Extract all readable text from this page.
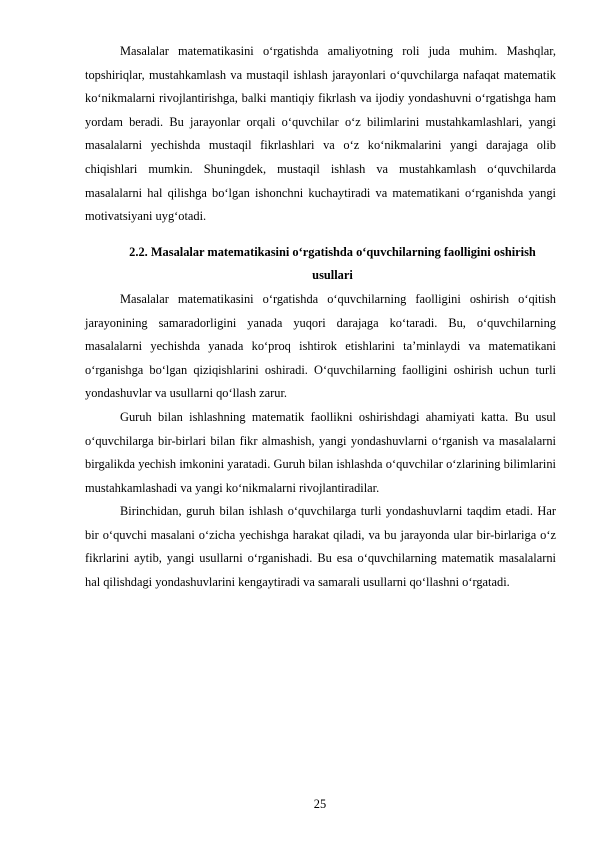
Masalalar matematikasini o‘rgatishda amaliyotning roli juda muhim. Mashqlar, topshiriqlar, mustahkamlash va mustaqil ishlash jarayonlari o‘quvchilarga nafaqat matematik ko‘nikmalarni rivojlantirishga, balki mantiqiy fikrlash va ijodiy yondashuvni o‘rgatishga ham yordam beradi. Bu jarayonlar orqali o‘quvchilar o‘z bilimlarini mustahkamlashlari, yangi masalalarni yechishda mustaqil fikrlashlari va o‘z ko‘nikmalarini yangi darajaga olib chiqishlari mumkin. Shuningdek, mustaqil ishlash va mustahkamlash o‘quvchilarda masalalarni hal qilishga bo‘lgan ishonchni kuchaytiradi va matematikani o‘rganishda yangi motivatsiyani uyg‘otadi.

2.2. Masalalar matematikasini o‘rgatishda o‘quvchilarning faolligini oshirish usullari

Masalalar matematikasini o‘rgatishda o‘quvchilarning faolligini oshirish o‘qitish jarayonining samaradorligini yanada yuqori darajaga ko‘taradi. Bu, o‘quvchilarning masalalarni yechishda yanada ko‘proq ishtirok etishlarini ta’minlaydi va matematikani o‘rganishga bo‘lgan qiziqishlarini oshiradi. O‘quvchilarning faolligini oshirish uchun turli yondashuvlar va usullarni qo‘llash zarur.

Guruh bilan ishlashning matematik faollikni oshirishdagi ahamiyati katta. Bu usul o‘quvchilarga bir-birlari bilan fikr almashish, yangi yondashuvlarni o‘rganish va masalalarni birgalikda yechish imkonini yaratadi. Guruh bilan ishlashda o‘quvchilar o‘zlarining bilimlarini mustahkamlashadi va yangi ko‘nikmalarni rivojlantiradilar.

Birinchidan, guruh bilan ishlash o‘quvchilarga turli yondashuvlarni taqdim etadi. Har bir o‘quvchi masalani o‘zicha yechishga harakat qiladi, va bu jarayonda ular bir-birlariga o‘z fikrlarini aytib, yangi usullarni o‘rganishadi. Bu esa o‘quvchilarning matematik masalalarni hal qilishdagi yondashuvlarini kengaytiradi va samarali usullarni qo‘llashni o‘rgatadi.

25
